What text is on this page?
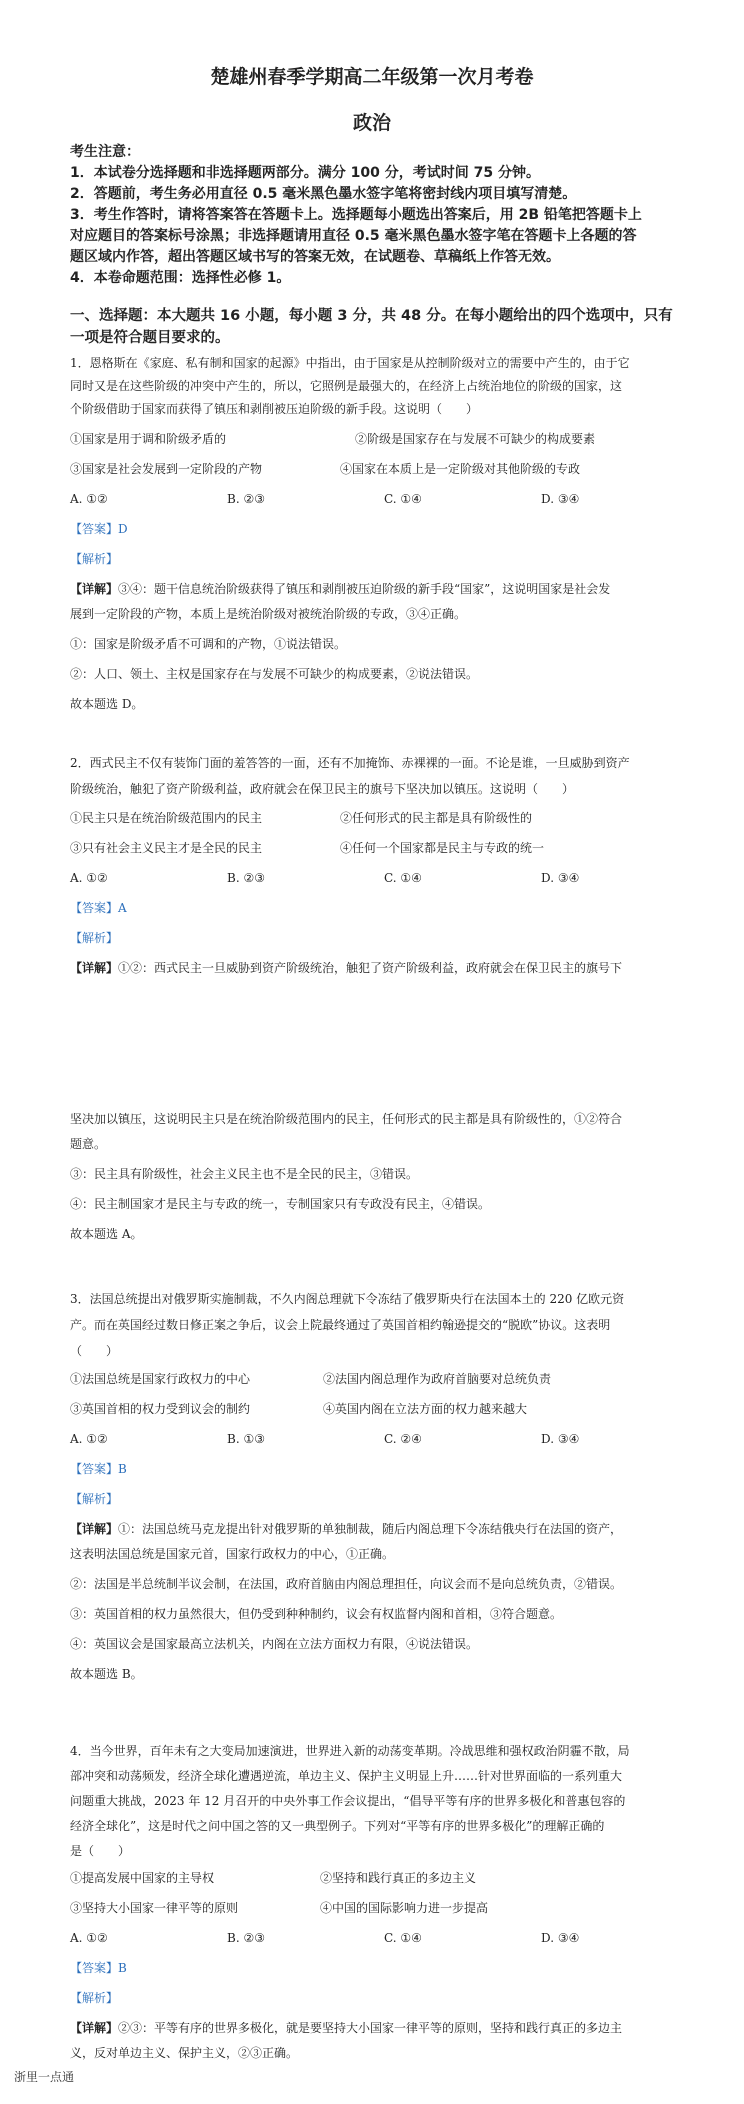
楚雄州春季学期高二年级第一次月考卷
政治
考生注意：
1．本试卷分选择题和非选择题两部分。满分 100 分，考试时间 75 分钟。
2．答题前，考生务必用直径 0.5 毫米黑色墨水签字笔将密封线内项目填写清楚。
3．考生作答时，请将答案答在答题卡上。选择题每小题选出答案后，用 2B 铅笔把答题卡上
对应题目的答案标号涂黑；非选择题请用直径 0.5 毫米黑色墨水签字笔在答题卡上各题的答
题区域内作答，超出答题区域书写的答案无效，在试题卷、草稿纸上作答无效。
4．本卷命题范围：选择性必修 1。
一、选择题：本大题共 16 小题，每小题 3 分，共 48 分。在每小题给出的四个选项中，只有
一项是符合题目要求的。
1．恩格斯在《家庭、私有制和国家的起源》中指出，由于国家是从控制阶级对立的需要中产生的，由于它
同时又是在这些阶级的冲突中产生的，所以，它照例是最强大的，在经济上占统治地位的阶级的国家，这
个阶级借助于国家而获得了镇压和剥削被压迫阶级的新手段。这说明（　　）
①国家是用于调和阶级矛盾的	②阶级是国家存在与发展不可缺少的构成要素
③国家是社会发展到一定阶段的产物	④国家在本质上是一定阶级对其他阶级的专政
A. ①②	B. ②③	C. ①④	D. ③④
【答案】D
【解析】
【详解】③④：题干信息统治阶级获得了镇压和剥削被压迫阶级的新手段“国家”，这说明国家是社会发
展到一定阶段的产物，本质上是统治阶级对被统治阶级的专政，③④正确。
①：国家是阶级矛盾不可调和的产物，①说法错误。
②：人口、领土、主权是国家存在与发展不可缺少的构成要素，②说法错误。
故本题选 D。
2．西式民主不仅有装饰门面的羞答答的一面，还有不加掩饰、赤裸裸的一面。不论是谁，一旦威胁到资产
阶级统治，触犯了资产阶级利益，政府就会在保卫民主的旗号下坚决加以镇压。这说明（　　）
①民主只是在统治阶级范围内的民主	②任何形式的民主都是具有阶级性的
③只有社会主义民主才是全民的民主	④任何一个国家都是民主与专政的统一
A. ①②	B. ②③	C. ①④	D. ③④
【答案】A
【解析】
【详解】①②：西式民主一旦威胁到资产阶级统治，触犯了资产阶级利益，政府就会在保卫民主的旗号下
坚决加以镇压，这说明民主只是在统治阶级范围内的民主，任何形式的民主都是具有阶级性的，①②符合
题意。
③：民主具有阶级性，社会主义民主也不是全民的民主，③错误。
④：民主制国家才是民主与专政的统一，专制国家只有专政没有民主，④错误。
故本题选 A。
3．法国总统提出对俄罗斯实施制裁，不久内阁总理就下令冻结了俄罗斯央行在法国本土的 220 亿欧元资
产。而在英国经过数日修正案之争后，议会上院最终通过了英国首相约翰逊提交的“脱欧”协议。这表明
（　　）
①法国总统是国家行政权力的中心	②法国内阁总理作为政府首脑要对总统负责
③英国首相的权力受到议会的制约	④英国内阁在立法方面的权力越来越大
A. ①②	B. ①③	C. ②④	D. ③④
【答案】B
【解析】
【详解】①：法国总统马克龙提出针对俄罗斯的单独制裁，随后内阁总理下令冻结俄央行在法国的资产，
这表明法国总统是国家元首，国家行政权力的中心，①正确。
②：法国是半总统制半议会制，在法国，政府首脑由内阁总理担任，向议会而不是向总统负责，②错误。
③：英国首相的权力虽然很大，但仍受到种种制约，议会有权监督内阁和首相，③符合题意。
④：英国议会是国家最高立法机关，内阁在立法方面权力有限，④说法错误。
故本题选 B。
4．当今世界，百年未有之大变局加速演进，世界进入新的动荡变革期。冷战思维和强权政治阴霾不散，局
部冲突和动荡频发，经济全球化遭遇逆流，单边主义、保护主义明显上升……针对世界面临的一系列重大
问题重大挑战，2023 年 12 月召开的中央外事工作会议提出，“倡导平等有序的世界多极化和普惠包容的
经济全球化”，这是时代之问中国之答的又一典型例子。下列对“平等有序的世界多极化”的理解正确的
是（　　）
①提高发展中国家的主导权	②坚持和践行真正的多边主义
③坚持大小国家一律平等的原则	④中国的国际影响力进一步提高
A. ①②	B. ②③	C. ①④	D. ③④
【答案】B
【解析】
【详解】②③：平等有序的世界多极化，就是要坚持大小国家一律平等的原则，坚持和践行真正的多边主
义，反对单边主义、保护主义，②③正确。
浙里一点通
